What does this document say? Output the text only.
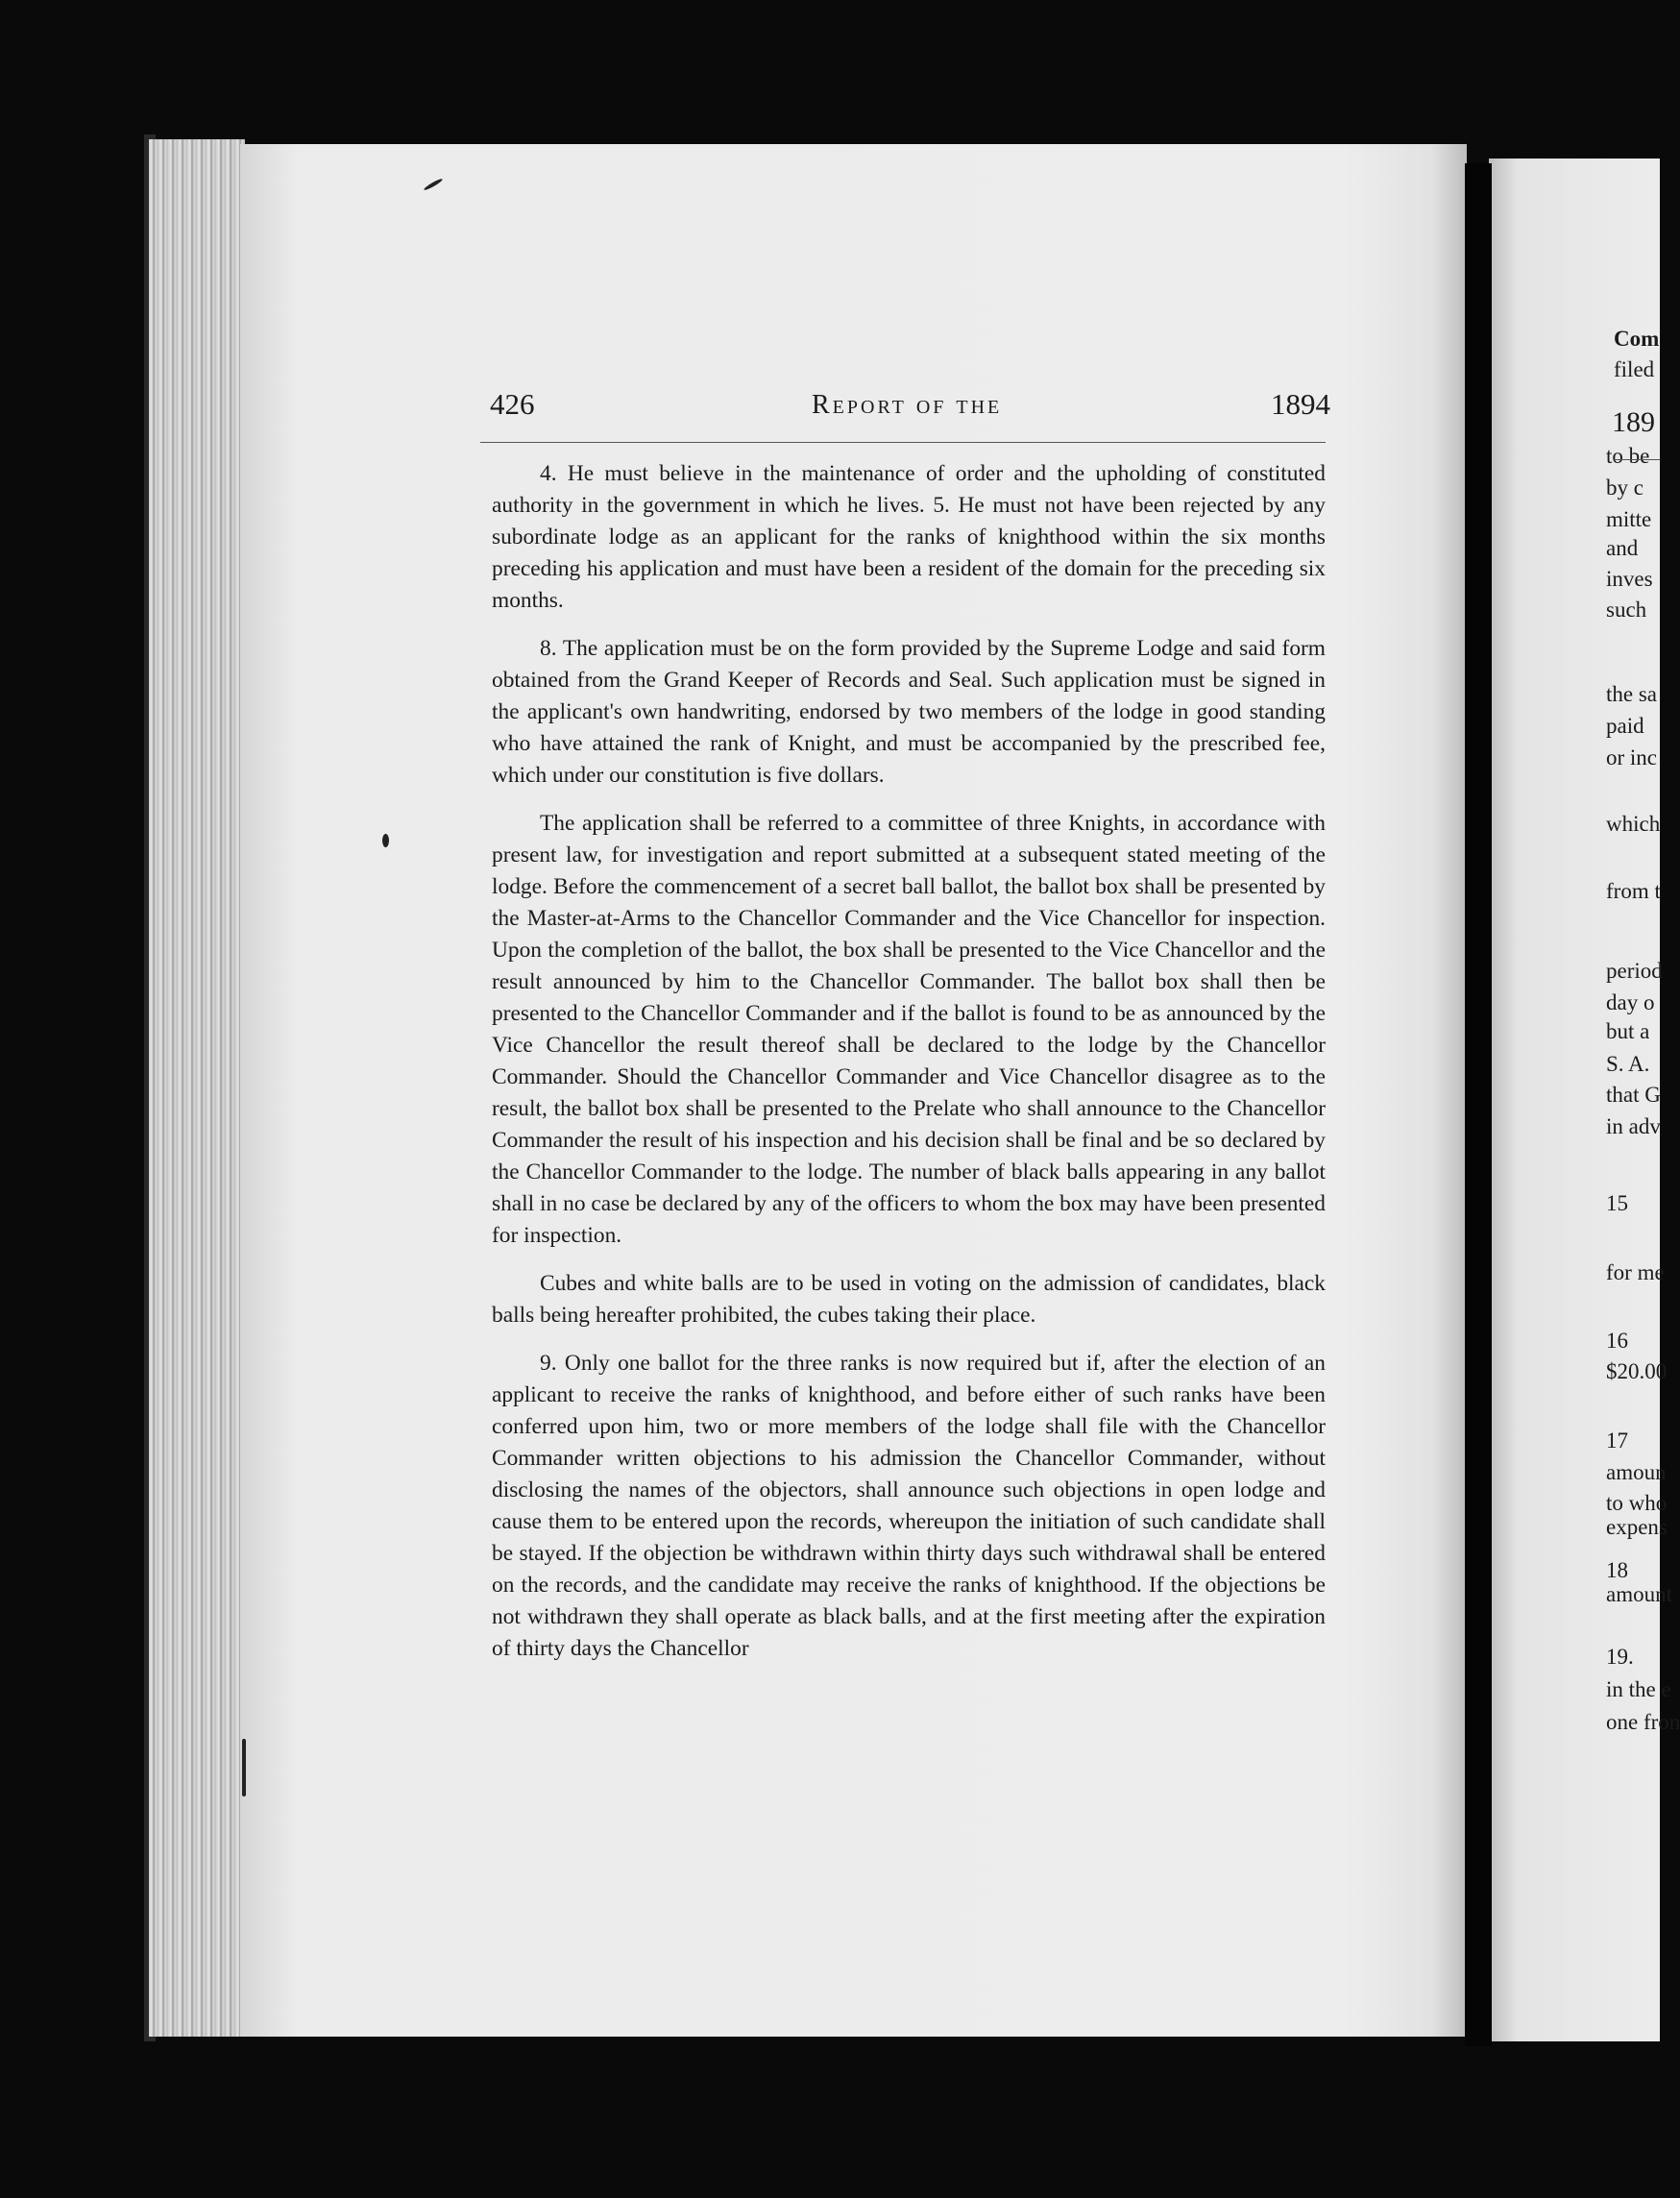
426	Report of the	1894

4. He must believe in the maintenance of order and the upholding of constituted authority in the government in which he lives. 5. He must not have been rejected by any subordinate lodge as an applicant for the ranks of knighthood within the six months preceding his application and must have been a resident of the domain for the preceding six months.

8. The application must be on the form provided by the Supreme Lodge and said form obtained from the Grand Keeper of Records and Seal. Such application must be signed in the applicant's own handwriting, endorsed by two members of the lodge in good standing who have attained the rank of Knight, and must be accompanied by the prescribed fee, which under our constitution is five dollars.

The application shall be referred to a committee of three Knights, in accordance with present law, for investigation and report submitted at a subsequent stated meeting of the lodge. Before the commencement of a secret ball ballot, the ballot box shall be presented by the Master-at-Arms to the Chancellor Commander and the Vice Chancellor for inspection. Upon the completion of the ballot, the box shall be presented to the Vice Chancellor and the result announced by him to the Chancellor Commander. The ballot box shall then be presented to the Chancellor Commander and if the ballot is found to be as announced by the Vice Chancellor the result thereof shall be declared to the lodge by the Chancellor Commander. Should the Chancellor Commander and Vice Chancellor disagree as to the result, the ballot box shall be presented to the Prelate who shall announce to the Chancellor Commander the result of his inspection and his decision shall be final and be so declared by the Chancellor Commander to the lodge. The number of black balls appearing in any ballot shall in no case be declared by any of the officers to whom the box may have been presented for inspection.

Cubes and white balls are to be used in voting on the admission of candidates, black balls being hereafter prohibited, the cubes taking their place.

9. Only one ballot for the three ranks is now required but if, after the election of an applicant to receive the ranks of knighthood, and before either of such ranks have been conferred upon him, two or more members of the lodge shall file with the Chancellor Commander written objections to his admission the Chancellor Commander, without disclosing the names of the objectors, shall announce such objections in open lodge and cause them to be entered upon the records, whereupon the initiation of such candidate shall be stayed. If the objection be withdrawn within thirty days such withdrawal shall be entered on the records, and the candidate may receive the ranks of knighthood. If the objections be not withdrawn they shall operate as black balls, and at the first meeting after the expiration of thirty days the Chancellor

189
Com
filed
to be
by c
mitte
and
inves
such
the sa
paid
or inc
which
from t
period
day o
but a
S. A.
that G
in adv
15
for me
16
$20.00
17
amoun
to who
expens
18
amount
19.
in the e
one fron
